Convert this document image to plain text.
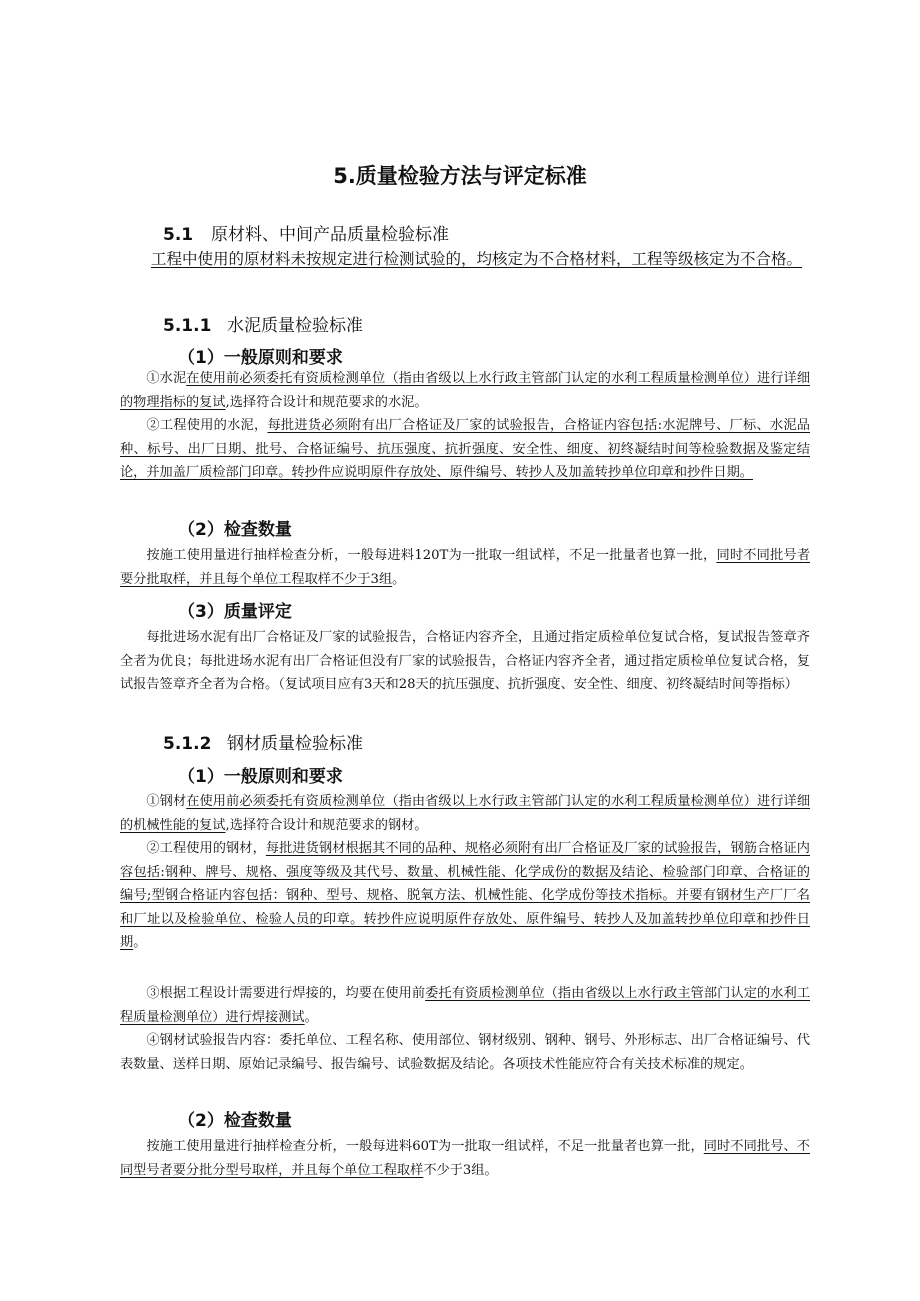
5.质量检验方法与评定标准
5.1 原材料、中间产品质量检验标准

工程中使用的原材料未按规定进行检测试验的，均核定为不合格材料，工程等级核定为不合格。

5.1.1 水泥质量检验标准
（1）一般原则和要求

①水泥在使用前必须委托有资质检测单位（指由省级以上水行政主管部门认定的水利工程质量检测单位）进行详细的物理指标的复试,选择符合设计和规范要求的水泥。

②工程使用的水泥，每批进货必须附有出厂合格证及厂家的试验报告，合格证内容包括:水泥牌号、厂标、水泥品种、标号、出厂日期、批号、合格证编号、抗压强度、抗折强度、安全性、细度、初终凝结时间等检验数据及鉴定结论，并加盖厂质检部门印章。转抄件应说明原件存放处、原件编号、转抄人及加盖转抄单位印章和抄件日期。

（2）检查数量

按施工使用量进行抽样检查分析，一般每进料120T为一批取一组试样，不足一批量者也算一批，同时不同批号者要分批取样，并且每个单位工程取样不少于3组。

（3）质量评定

每批进场水泥有出厂合格证及厂家的试验报告，合格证内容齐全，且通过指定质检单位复试合格，复试报告签章齐全者为优良；每批进场水泥有出厂合格证但没有厂家的试验报告，合格证内容齐全者，通过指定质检单位复试合格，复试报告签章齐全者为合格。（复试项目应有3天和28天的抗压强度、抗折强度、安全性、细度、初终凝结时间等指标）

5.1.2 钢材质量检验标准
（1）一般原则和要求

①钢材在使用前必须委托有资质检测单位（指由省级以上水行政主管部门认定的水利工程质量检测单位）进行详细的机械性能的复试,选择符合设计和规范要求的钢材。

②工程使用的钢材，每批进货钢材根据其不同的品种、规格必须附有出厂合格证及厂家的试验报告，钢筋合格证内容包括:钢种、牌号、规格、强度等级及其代号、数量、机械性能、化学成份的数据及结论、检验部门印章、合格证的编号;型钢合格证内容包括：钢种、型号、规格、脱氧方法、机械性能、化学成份等技术指标。并要有钢材生产厂厂名和厂址以及检验单位、检验人员的印章。转抄件应说明原件存放处、原件编号、转抄人及加盖转抄单位印章和抄件日期。

③根据工程设计需要进行焊接的，均要在使用前委托有资质检测单位（指由省级以上水行政主管部门认定的水利工程质量检测单位）进行焊接测试。

④钢材试验报告内容：委托单位、工程名称、使用部位、钢材级别、钢种、钢号、外形标志、出厂合格证编号、代表数量、送样日期、原始记录编号、报告编号、试验数据及结论。各项技术性能应符合有关技术标准的规定。

（2）检查数量

按施工使用量进行抽样检查分析，一般每进料60T为一批取一组试样，不足一批量者也算一批，同时不同批号、不同型号者要分批分型号取样，并且每个单位工程取样不少于3组。
